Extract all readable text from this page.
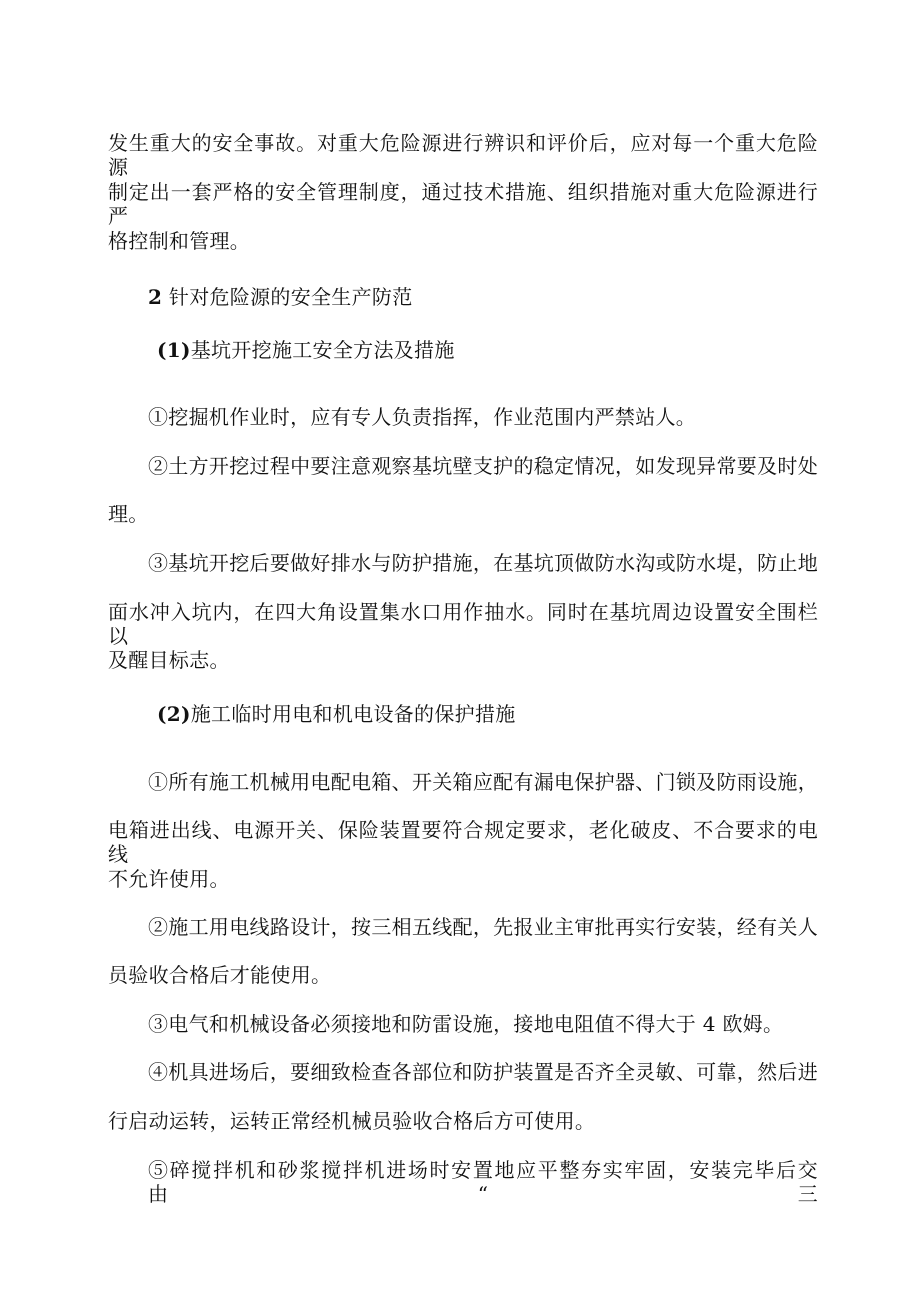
发生重大的安全事故。对重大危险源进行辨识和评价后，应对每一个重大危险源
制定出一套严格的安全管理制度，通过技术措施、组织措施对重大危险源进行严
格控制和管理。
2 针对危险源的安全生产防范
(1)基坑开挖施工安全方法及措施
①挖掘机作业时，应有专人负责指挥，作业范围内严禁站人。
②土方开挖过程中要注意观察基坑壁支护的稳定情况，如发现异常要及时处
理。
③基坑开挖后要做好排水与防护措施，在基坑顶做防水沟或防水堤，防止地
面水冲入坑内，在四大角设置集水口用作抽水。同时在基坑周边设置安全围栏以
及醒目标志。
(2)施工临时用电和机电设备的保护措施
①所有施工机械用电配电箱、开关箱应配有漏电保护器、门锁及防雨设施，
电箱进出线、电源开关、保险装置要符合规定要求，老化破皮、不合要求的电线
不允许使用。
②施工用电线路设计，按三相五线配，先报业主审批再实行安装，经有关人
员验收合格后才能使用。
③电气和机械设备必须接地和防雷设施，接地电阻值不得大于 4 欧姆。
④机具进场后，要细致检查各部位和防护装置是否齐全灵敏、可靠，然后进
行启动运转，运转正常经机械员验收合格后方可使用。
⑤碎搅拌机和砂浆搅拌机进场时安置地应平整夯实牢固，安装完毕后交由“三
